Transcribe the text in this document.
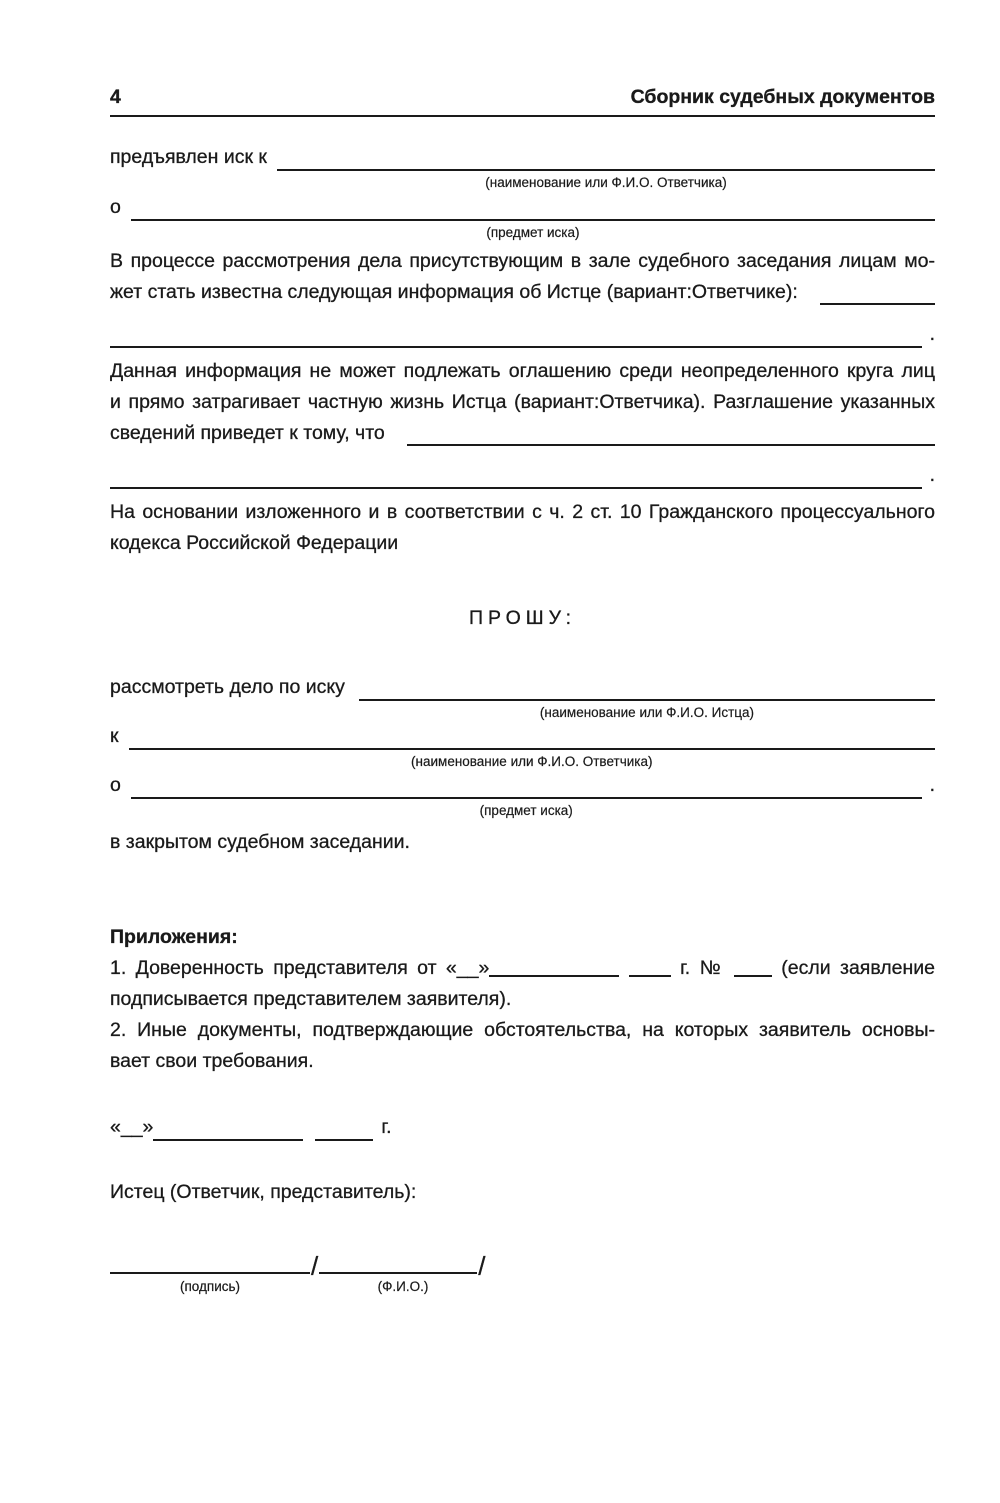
4	Сборник судебных документов
предъявлен иск к
(наименование или Ф.И.О. Ответчика)
о
(предмет иска)
В процессе рассмотрения дела присутствующим в зале судебного заседания лицам мо-
жет стать известна следующая информация об Истце (вариант:Ответчике):
.
Данная информация не может подлежать оглашению среди неопределенного круга лиц
и прямо затрагивает частную жизнь Истца (вариант:Ответчика). Разглашение указанных
сведений приведет к тому, что
.
На основании изложенного и в соответствии с ч. 2 ст. 10 Гражданского процессуального
кодекса Российской Федерации
ПРОШУ:
рассмотреть дело по иску
(наименование или Ф.И.О. Истца)
к
(наименование или Ф.И.О. Ответчика)
о
(предмет иска)
.
в закрытом судебном заседании.
Приложения:
1. Доверенность представителя от «__»	г. №	(если заявление
подписывается представителем заявителя).
2. Иные документы, подтверждающие обстоятельства, на которых заявитель основы-
вает свои требования.
«__»	г.
Истец (Ответчик, представитель):
/	/
(подпись)	(Ф.И.О.)
